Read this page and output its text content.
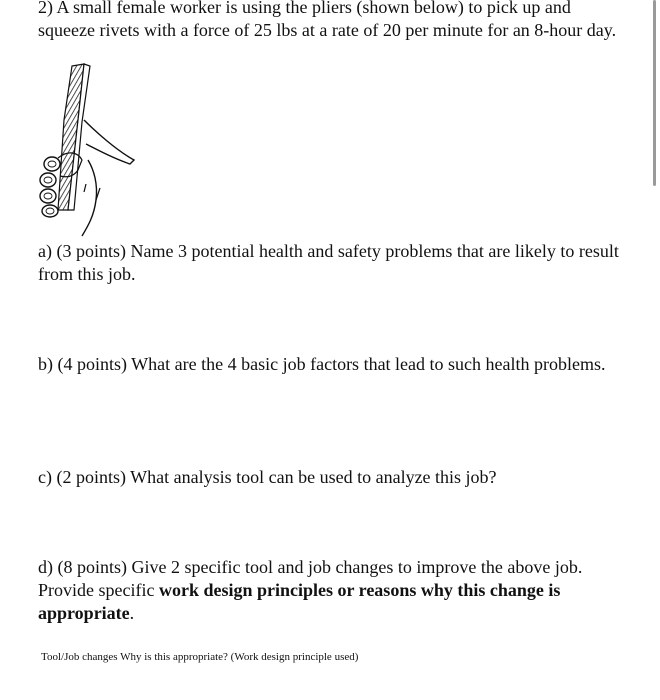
2) A small female worker is using the pliers (shown below) to pick up and squeeze rivets with a force of 25 lbs at a rate of 20 per minute for an 8-hour day.

a) (3 points) Name 3 potential health and safety problems that are likely to result from this job.

b) (4 points) What are the 4 basic job factors that lead to such health problems.

c) (2 points) What analysis tool can be used to analyze this job?

d) (8 points) Give 2 specific tool and job changes to improve the above job. Provide specific work design principles or reasons why this change is appropriate.

Tool/Job changes Why is this appropriate? (Work design principle used)
